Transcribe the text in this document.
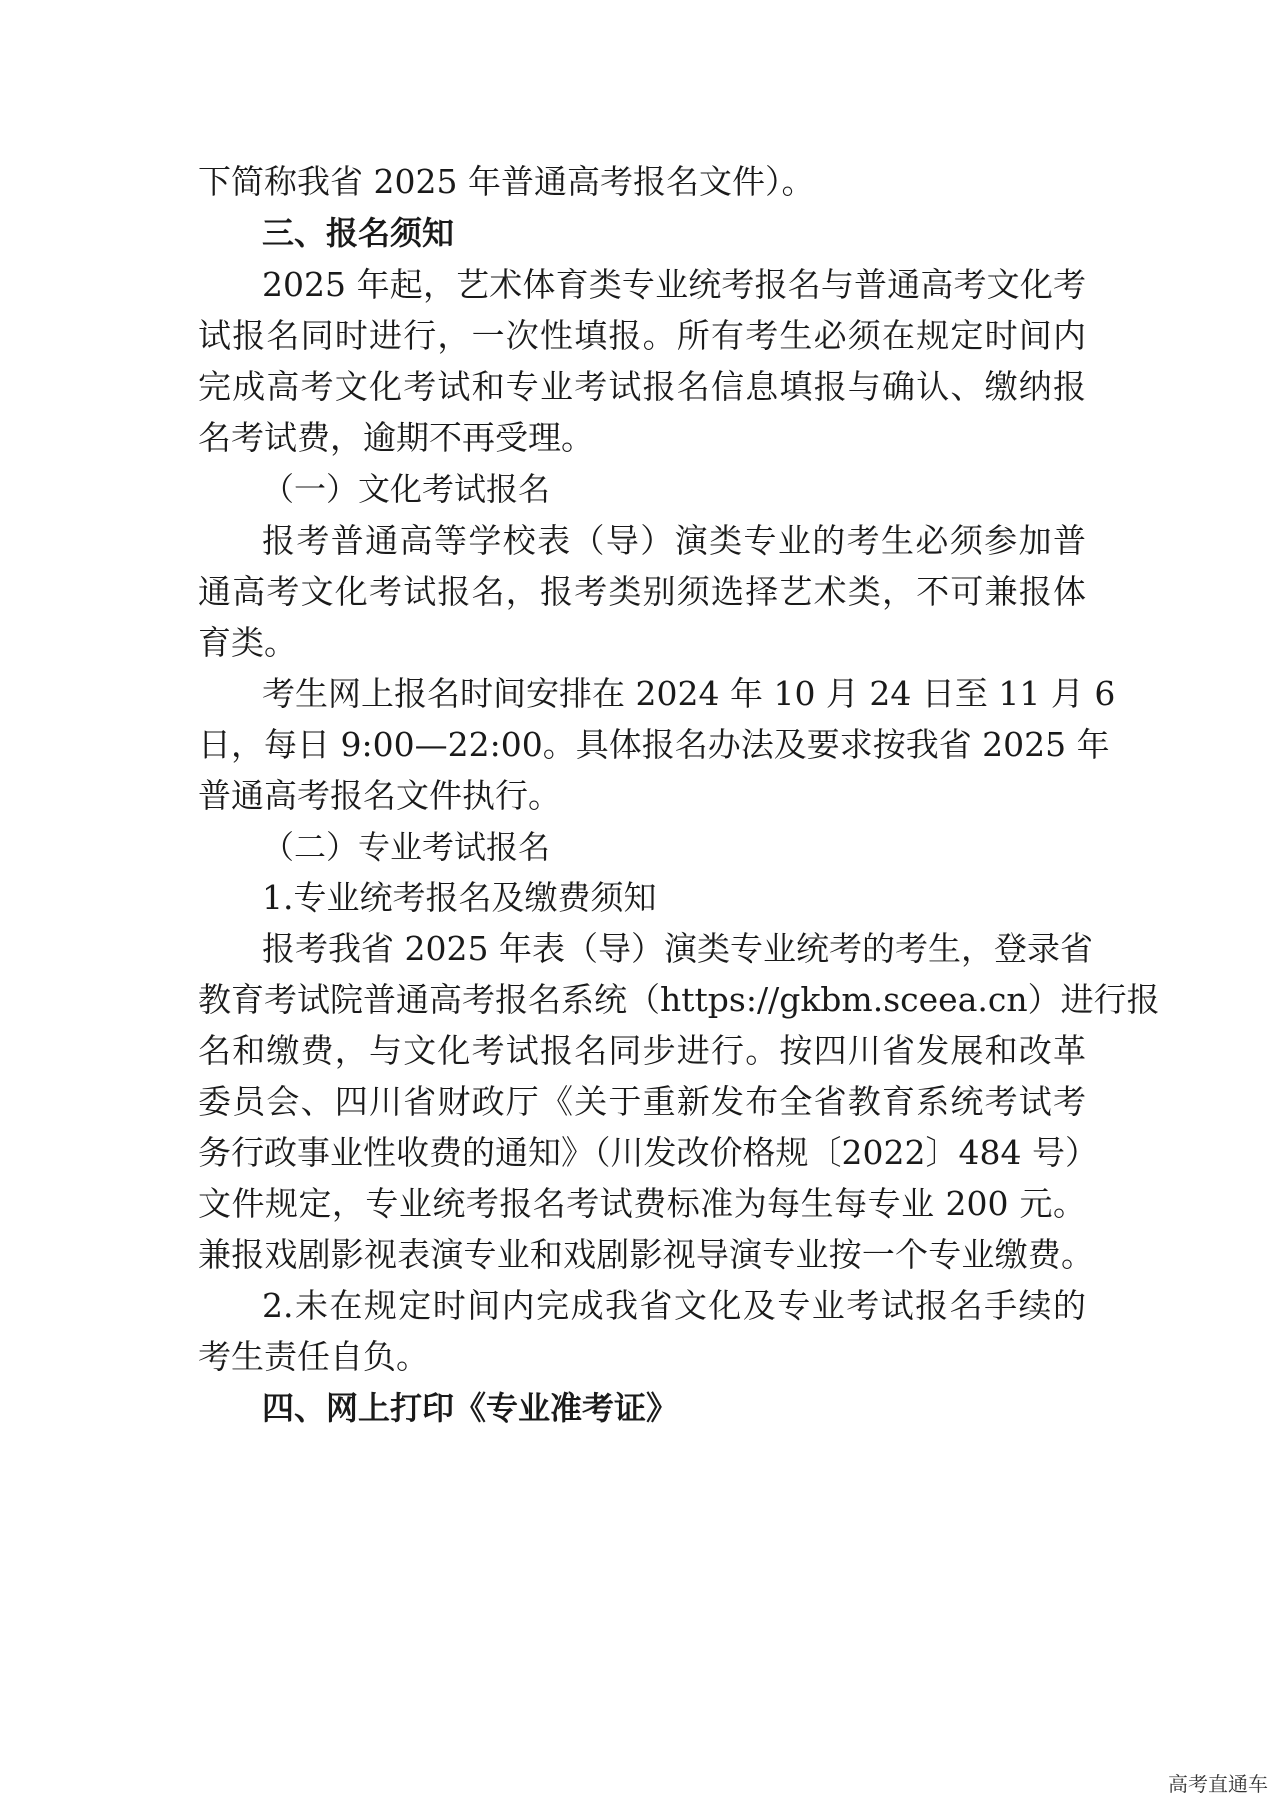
下简称我省 2025 年普通高考报名文件）。
三、报名须知
2025 年起，艺术体育类专业统考报名与普通高考文化考
试报名同时进行，一次性填报。所有考生必须在规定时间内
完成高考文化考试和专业考试报名信息填报与确认、缴纳报
名考试费，逾期不再受理。
（一）文化考试报名
报考普通高等学校表（导）演类专业的考生必须参加普
通高考文化考试报名，报考类别须选择艺术类，不可兼报体
育类。
考生网上报名时间安排在 2024 年 10 月 24 日至 11 月 6
日，每日 9:00—22:00。具体报名办法及要求按我省 2025 年
普通高考报名文件执行。
（二）专业考试报名
1.专业统考报名及缴费须知
报考我省 2025 年表（导）演类专业统考的考生，登录省
教育考试院普通高考报名系统（https://gkbm.sceea.cn）进行报
名和缴费，与文化考试报名同步进行。按四川省发展和改革
委员会、四川省财政厅《关于重新发布全省教育系统考试考
务行政事业性收费的通知》（川发改价格规〔2022〕484 号）
文件规定，专业统考报名考试费标准为每生每专业 200 元。
兼报戏剧影视表演专业和戏剧影视导演专业按一个专业缴费。
2.未在规定时间内完成我省文化及专业考试报名手续的
考生责任自负。
四、网上打印《专业准考证》
高考直通车
